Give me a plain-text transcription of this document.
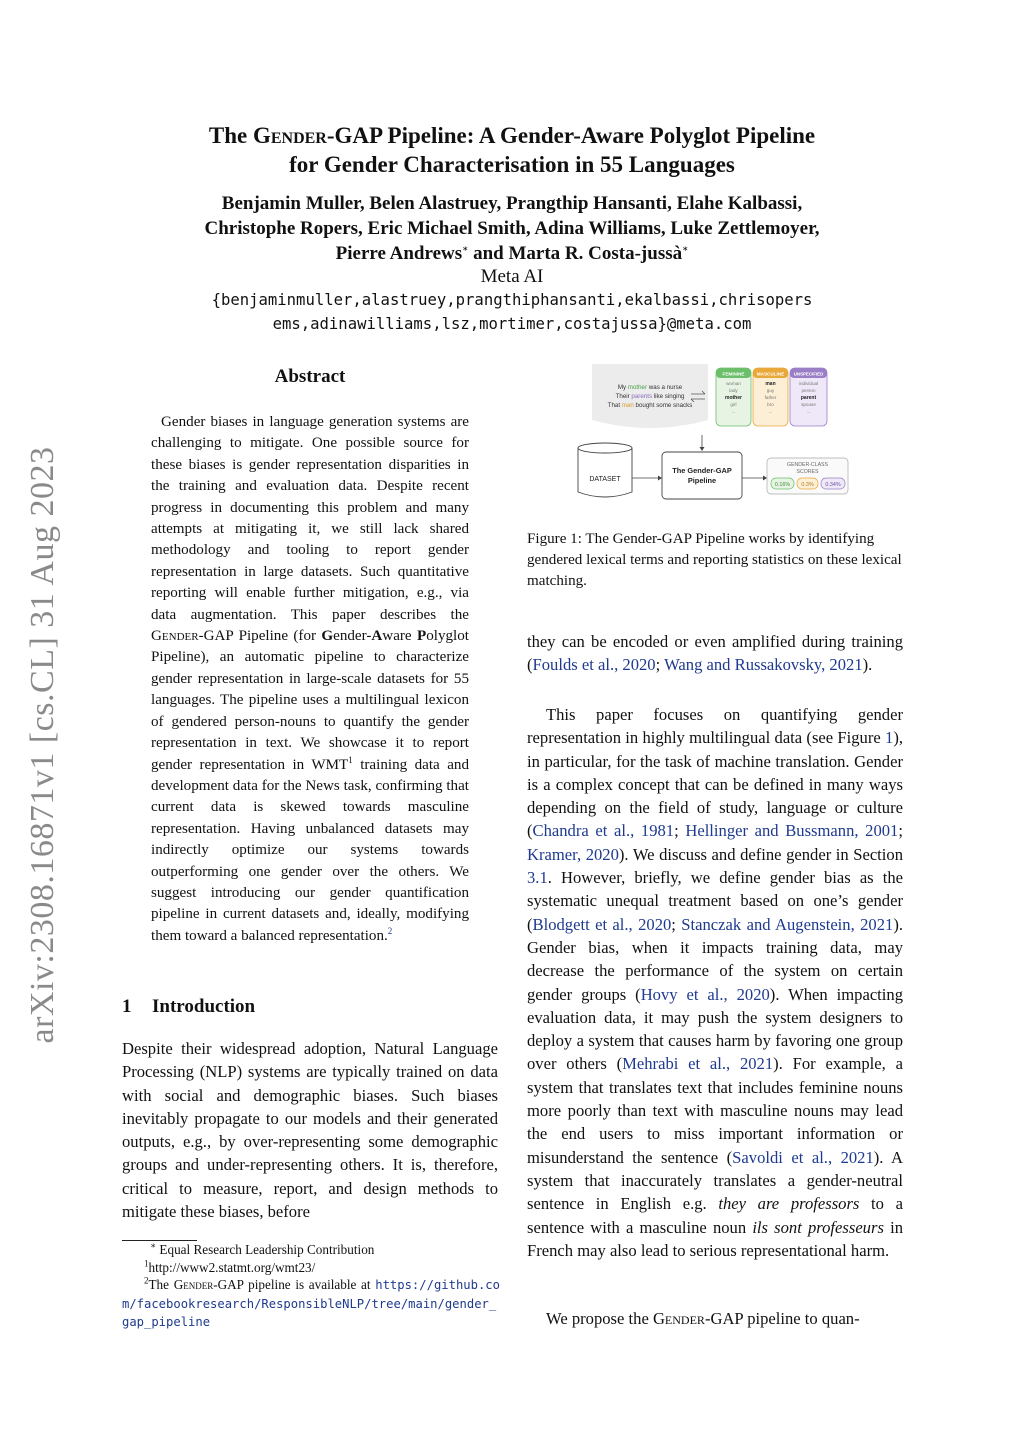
arXiv:2308.16871v1 [cs.CL] 31 Aug 2023
The Gender-GAP Pipeline: A Gender-Aware Polyglot Pipeline
for Gender Characterisation in 55 Languages
Benjamin Muller, Belen Alastruey, Prangthip Hansanti, Elahe Kalbassi,
Christophe Ropers, Eric Michael Smith, Adina Williams, Luke Zettlemoyer,
Pierre Andrews∗ and Marta R. Costa-jussà∗
Meta AI
{benjaminmuller,alastruey,prangthiphansanti,ekalbassi,chrisopers
ems,adinawilliams,lsz,mortimer,costajussa}@meta.com
Abstract

Gender biases in language generation systems are challenging to mitigate. One possible source for these biases is gender representation disparities in the training and evaluation data. Despite recent progress in documenting this problem and many attempts at mitigating it, we still lack shared methodology and tooling to report gender representation in large datasets. Such quantitative reporting will enable further mitigation, e.g., via data augmentation. This paper describes the Gender-GAP Pipeline (for Gender-Aware Polyglot Pipeline), an automatic pipeline to characterize gender representation in large-scale datasets for 55 languages. The pipeline uses a multilingual lexicon of gendered person-nouns to quantify the gender representation in text. We showcase it to report gender representation in WMT$^1$ training data and development data for the News task, confirming that current data is skewed towards masculine representation. Having unbalanced datasets may indirectly optimize our systems towards outperforming one gender over the others. We suggest introducing our gender quantification pipeline in current datasets and, ideally, modifying them toward a balanced representation.$^2$

1 Introduction

Despite their widespread adoption, Natural Language Processing (NLP) systems are typically trained on data with social and demographic biases. Such biases inevitably propagate to our models and their generated outputs, e.g., by over-representing some demographic groups and under-representing others. It is, therefore, critical to measure, report, and design methods to mitigate these biases, before

∗ Equal Research Leadership Contribution
$^1$http://www2.statmt.org/wmt23/
$^2$The Gender-GAP pipeline is available at https://github.com/facebookresearch/ResponsibleNLP/tree/main/gender_gap_pipeline
My mother was a nurse
Their parents like singing
That man bought some snacks
FEMININE
woman
lady
mother
girl
...
MASCULINE
man
guy
father
bro
...
UNSPECIFIED
individual
person
parent
spouse
...
DATASET
The Gender-GAP
Pipeline
GENDER-CLASS
SCORES
0.16% 0.3% 0.34%

Figure 1: The Gender-GAP Pipeline works by identifying gendered lexical terms and reporting statistics on these lexical matching.

they can be encoded or even amplified during training (Foulds et al., 2020; Wang and Russakovsky, 2021).

This paper focuses on quantifying gender representation in highly multilingual data (see Figure 1), in particular, for the task of machine translation. Gender is a complex concept that can be defined in many ways depending on the field of study, language or culture (Chandra et al., 1981; Hellinger and Bussmann, 2001; Kramer, 2020). We discuss and define gender in Section 3.1. However, briefly, we define gender bias as the systematic unequal treatment based on one’s gender (Blodgett et al., 2020; Stanczak and Augenstein, 2021). Gender bias, when it impacts training data, may decrease the performance of the system on certain gender groups (Hovy et al., 2020). When impacting evaluation data, it may push the system designers to deploy a system that causes harm by favoring one group over others (Mehrabi et al., 2021). For example, a system that translates text that includes feminine nouns more poorly than text with masculine nouns may lead the end users to miss important information or misunderstand the sentence (Savoldi et al., 2021). A system that inaccurately translates a gender-neutral sentence in English e.g. they are professors to a sentence with a masculine noun ils sont professeurs in French may also lead to serious representational harm.

We propose the Gender-GAP pipeline to quan-
